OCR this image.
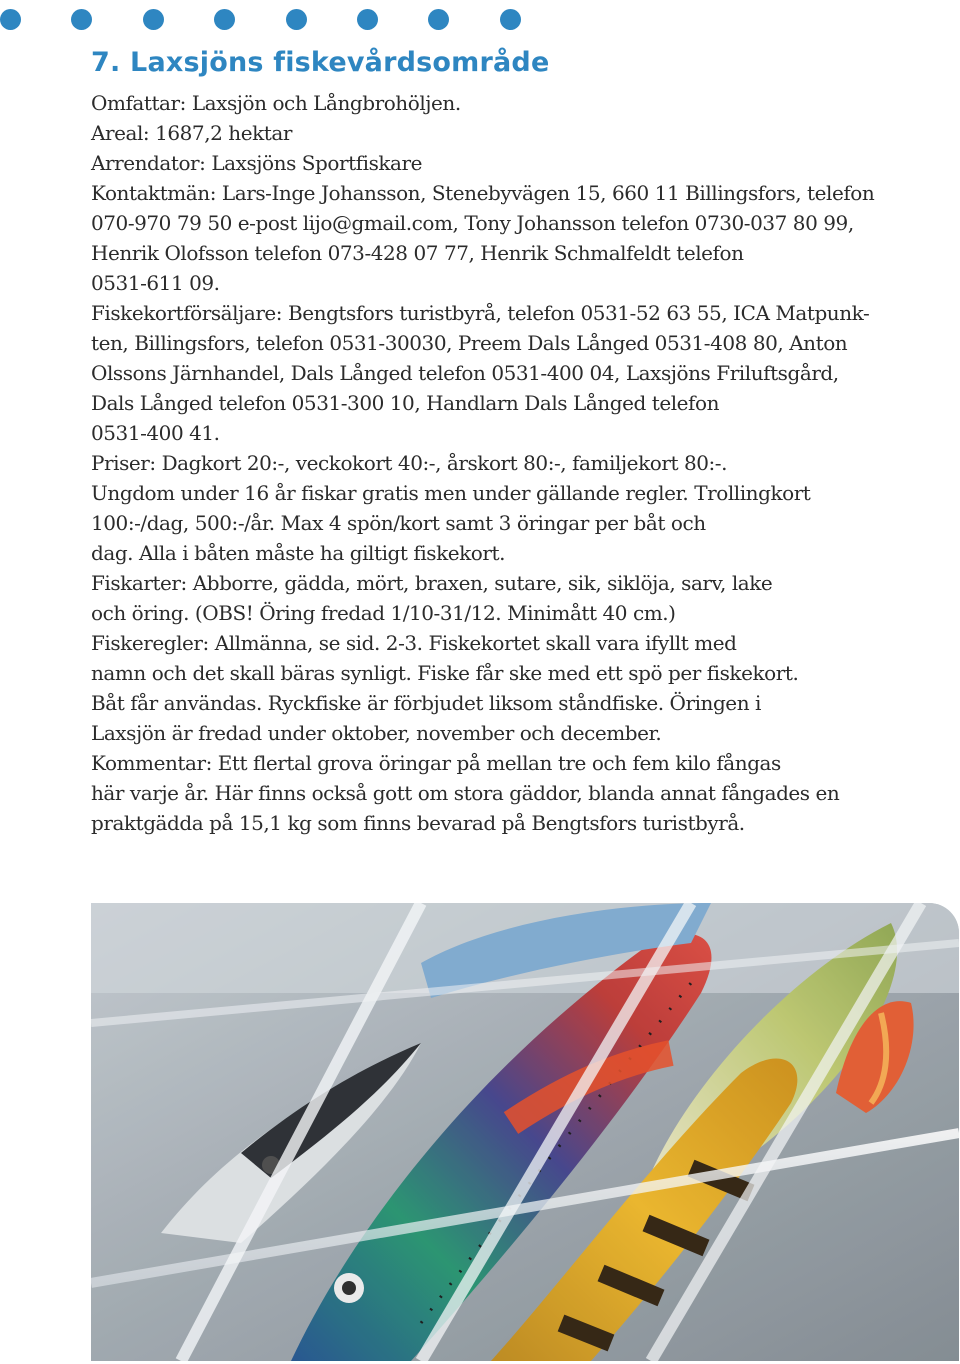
7. Laxsjöns fiskevårdsområde
Omfattar: Laxsjön och Långbrohöljen.
Areal: 1687,2 hektar
Arrendator: Laxsjöns Sportfiskare
Kontaktmän: Lars-Inge Johansson, Stenebyvägen 15, 660 11 Billingsfors, telefon
070-970 79 50 e-post lijo@gmail.com, Tony Johansson telefon 0730-037 80 99,
Henrik Olofsson telefon 073-428 07 77, Henrik Schmalfeldt telefon
0531-611 09.
Fiskekortförsäljare: Bengtsfors turistbyrå, telefon 0531-52 63 55, ICA Matpunk-
ten, Billingsfors, telefon 0531-30030, Preem Dals Långed 0531-408 80, Anton
Olssons Järnhandel, Dals Långed telefon 0531-400 04, Laxsjöns Friluftsgård,
Dals Långed telefon 0531-300 10, Handlarn Dals Långed telefon
0531-400 41.
Priser: Dagkort 20:-, veckokort 40:-, årskort 80:-, familjekort 80:-.
Ungdom under 16 år fiskar gratis men under gällande regler. Trollingkort
100:-/dag, 500:-/år. Max 4 spön/kort samt 3 öringar per båt och
dag. Alla i båten måste ha giltigt fiskekort.
Fiskarter: Abborre, gädda, mört, braxen, sutare, sik, siklöja, sarv, lake
och öring. (OBS! Öring fredad 1/10-31/12. Minimått 40 cm.)
Fiskeregler: Allmänna, se sid. 2-3. Fiskekortet skall vara ifyllt med
namn och det skall bäras synligt. Fiske får ske med ett spö per fiskekort.
Båt får användas. Ryckfiske är förbjudet liksom ståndfiske. Öringen i
Laxsjön är fredad under oktober, november och december.
Kommentar: Ett flertal grova öringar på mellan tre och fem kilo fångas
här varje år. Här finns också gott om stora gäddor, blanda annat fångades en
praktgädda på 15,1 kg som finns bevarad på Bengtsfors turistbyrå.
